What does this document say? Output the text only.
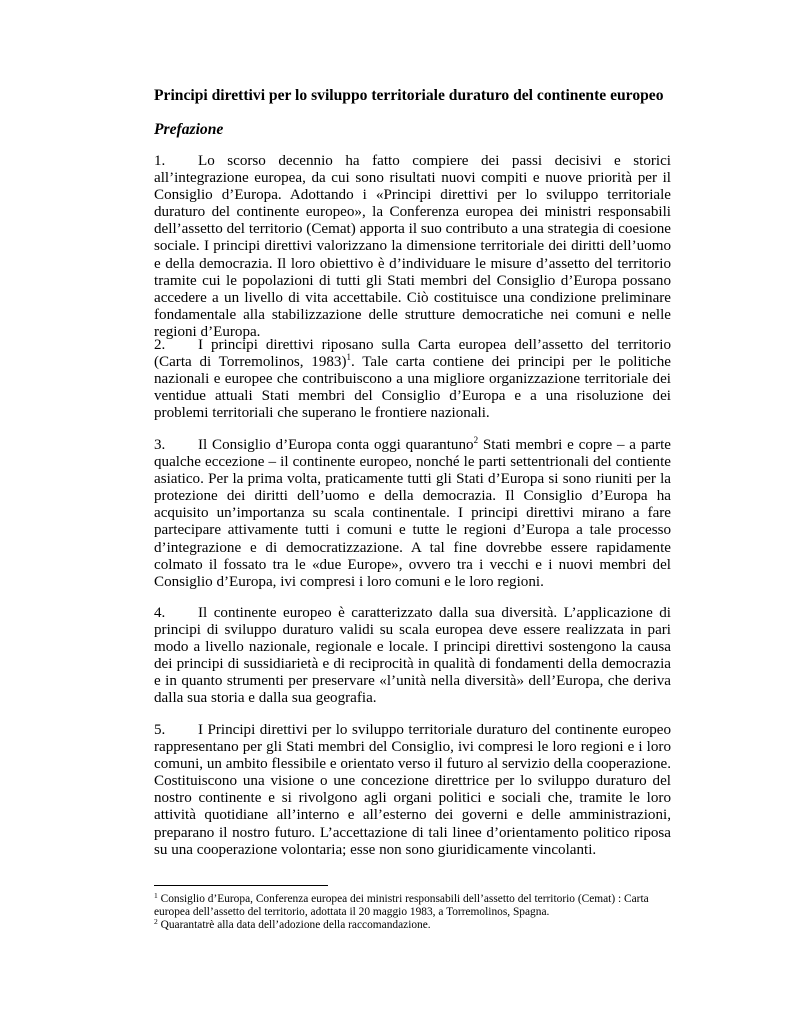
Principi direttivi per lo sviluppo territoriale duraturo del continente europeo
Prefazione
1. Lo scorso decennio ha fatto compiere dei passi decisivi e storici all’integrazione europea, da cui sono risultati nuovi compiti e nuove priorità per il Consiglio d’Europa. Adottando i «Principi direttivi per lo sviluppo territoriale duraturo del continente europeo», la Conferenza europea dei ministri responsabili dell’assetto del territorio (Cemat) apporta il suo contributo a una strategia di coesione sociale. I principi direttivi valorizzano la dimensione territoriale dei diritti dell’uomo e della democrazia. Il loro obiettivo è d’individuare le misure d’assetto del territorio tramite cui le popolazioni di tutti gli Stati membri del Consiglio d’Europa possano accedere a un livello di vita accettabile. Ciò costituisce una condizione preliminare fondamentale alla stabilizzazione delle strutture democratiche nei comuni e nelle regioni d’Europa.
2. I principi direttivi riposano sulla Carta europea dell’assetto del territorio (Carta di Torremolinos, 1983)$^1$. Tale carta contiene dei principi per le politiche nazionali e europee che contribuiscono a una migliore organizzazione territoriale dei ventidue attuali Stati membri del Consiglio d’Europa e a una risoluzione dei problemi territoriali che superano le frontiere nazionali.
3. Il Consiglio d’Europa conta oggi quarantuno$^2$ Stati membri e copre – a parte qualche eccezione – il continente europeo, nonché le parti settentrionali del contiente asiatico. Per la prima volta, praticamente tutti gli Stati d’Europa si sono riuniti per la protezione dei diritti dell’uomo e della democrazia. Il Consiglio d’Europa ha acquisito un’importanza su scala continentale. I principi direttivi mirano a fare partecipare attivamente tutti i comuni e tutte le regioni d’Europa a tale processo d’integrazione e di democratizzazione. A tal fine dovrebbe essere rapidamente colmato il fossato tra le «due Europe», ovvero tra i vecchi e i nuovi membri del Consiglio d’Europa, ivi compresi i loro comuni e le loro regioni.
4. Il continente europeo è caratterizzato dalla sua diversità. L’applicazione di principi di sviluppo duraturo validi su scala europea deve essere realizzata in pari modo a livello nazionale, regionale e locale. I principi direttivi sostengono la causa dei principi di sussidiarietà e di reciprocità in qualità di fondamenti della democrazia e in quanto strumenti per preservare «l’unità nella diversità» dell’Europa, che deriva dalla sua storia e dalla sua geografia.
5. I Principi direttivi per lo sviluppo territoriale duraturo del continente europeo rappresentano per gli Stati membri del Consiglio, ivi compresi le loro regioni e i loro comuni, un ambito flessibile e orientato verso il futuro al servizio della cooperazione. Costituiscono una visione o une concezione direttrice per lo sviluppo duraturo del nostro continente e si rivolgono agli organi politici e sociali che, tramite le loro attività quotidiane all’interno e all’esterno dei governi e delle amministrazioni, preparano il nostro futuro. L’accettazione di tali linee d’orientamento politico riposa su una cooperazione volontaria; esse non sono giuridicamente vincolanti.
$^1$ Consiglio d’Europa, Conferenza europea dei ministri responsabili dell’assetto del territorio (Cemat) : Carta europea dell’assetto del territorio, adottata il 20 maggio 1983, a Torremolinos, Spagna.
$^2$ Quarantatrè alla data dell’adozione della raccomandazione.
